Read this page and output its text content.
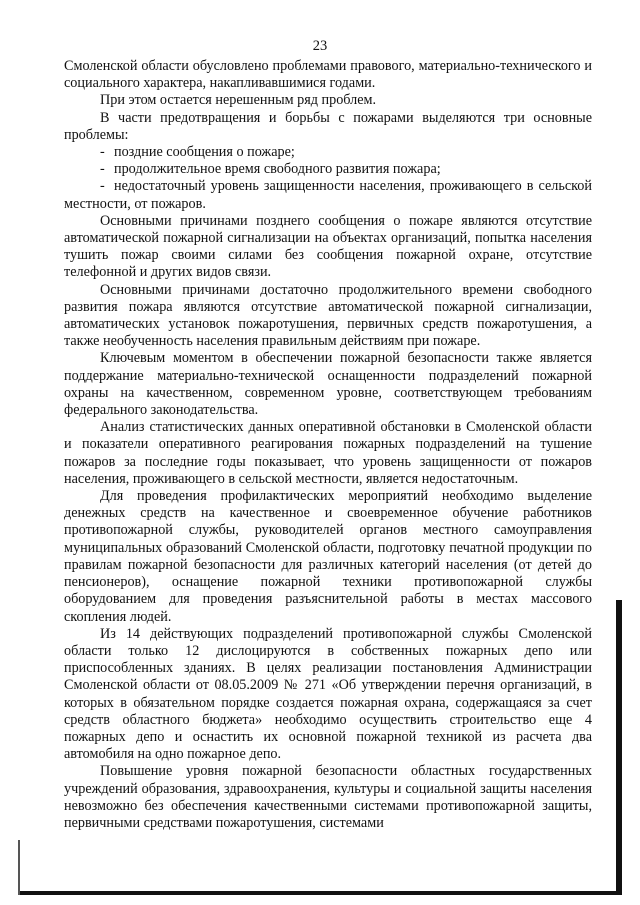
23

Смоленской области обусловлено проблемами правового, материально-технического и социального характера, накапливавшимися годами.

При этом остается нерешенным ряд проблем.

В части предотвращения и борьбы с пожарами выделяются три основные проблемы:

- поздние сообщения о пожаре;
- продолжительное время свободного развития пожара;
- недостаточный уровень защищенности населения, проживающего в сельской местности, от пожаров.

Основными причинами позднего сообщения о пожаре являются отсутствие автоматической пожарной сигнализации на объектах организаций, попытка населения тушить пожар своими силами без сообщения пожарной охране, отсутствие телефонной и других видов связи.

Основными причинами достаточно продолжительного времени свободного развития пожара являются отсутствие автоматической пожарной сигнализации, автоматических установок пожаротушения, первичных средств пожаротушения, а также необученность населения правильным действиям при пожаре.

Ключевым моментом в обеспечении пожарной безопасности также является поддержание материально-технической оснащенности подразделений пожарной охраны на качественном, современном уровне, соответствующем требованиям федерального законодательства.

Анализ статистических данных оперативной обстановки в Смоленской области и показатели оперативного реагирования пожарных подразделений на тушение пожаров за последние годы показывает, что уровень защищенности от пожаров населения, проживающего в сельской местности, является недостаточным.

Для проведения профилактических мероприятий необходимо выделение денежных средств на качественное и своевременное обучение работников противопожарной службы, руководителей органов местного самоуправления муниципальных образований Смоленской области, подготовку печатной продукции по правилам пожарной безопасности для различных категорий населения (от детей до пенсионеров), оснащение пожарной техники противопожарной службы оборудованием для проведения разъяснительной работы в местах массового скопления людей.

Из 14 действующих подразделений противопожарной службы Смоленской области только 12 дислоцируются в собственных пожарных депо или приспособленных зданиях. В целях реализации постановления Администрации Смоленской области от 08.05.2009 № 271 «Об утверждении перечня организаций, в которых в обязательном порядке создается пожарная охрана, содержащаяся за счет средств областного бюджета» необходимо осуществить строительство еще 4 пожарных депо и оснастить их основной пожарной техникой из расчета два автомобиля на одно пожарное депо.

Повышение уровня пожарной безопасности областных государственных учреждений образования, здравоохранения, культуры и социальной защиты населения невозможно без обеспечения качественными системами противопожарной защиты, первичными средствами пожаротушения, системами
